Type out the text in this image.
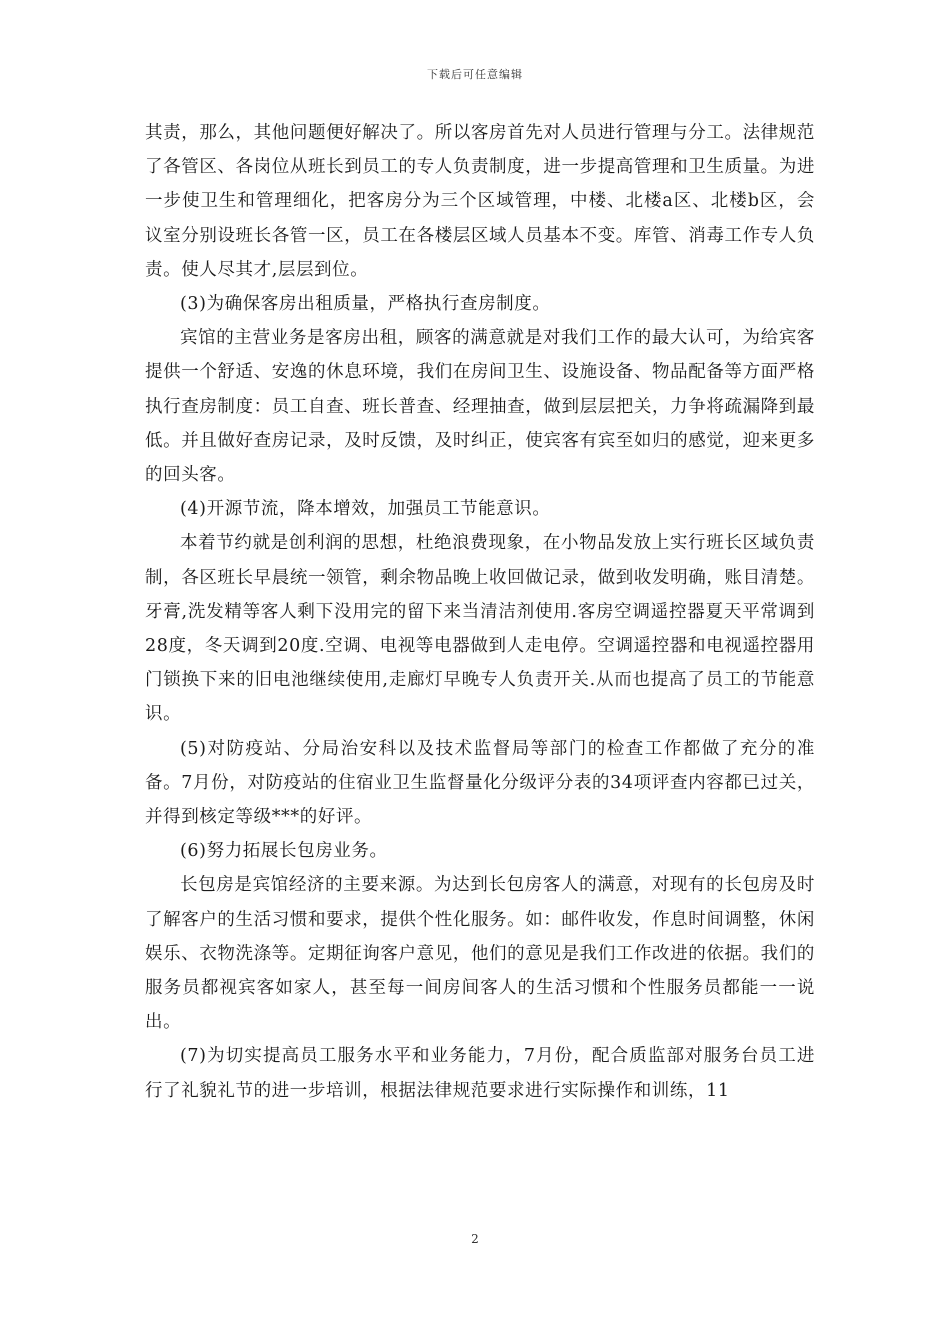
下载后可任意编辑

其责，那么，其他问题便好解决了。所以客房首先对人员进行管理与分工。法律规范了各管区、各岗位从班长到员工的专人负责制度，进一步提高管理和卫生质量。为进一步使卫生和管理细化，把客房分为三个区域管理，中楼、北楼a区、北楼b区，会议室分别设班长各管一区，员工在各楼层区域人员基本不变。库管、消毒工作专人负责。使人尽其才,层层到位。

(3)为确保客房出租质量，严格执行查房制度。

宾馆的主营业务是客房出租，顾客的满意就是对我们工作的最大认可，为给宾客提供一个舒适、安逸的休息环境，我们在房间卫生、设施设备、物品配备等方面严格执行查房制度：员工自查、班长普查、经理抽查，做到层层把关，力争将疏漏降到最低。并且做好查房记录，及时反馈，及时纠正，使宾客有宾至如归的感觉，迎来更多的回头客。

(4)开源节流，降本增效，加强员工节能意识。

本着节约就是创利润的思想，杜绝浪费现象，在小物品发放上实行班长区域负责制，各区班长早晨统一领管，剩余物品晚上收回做记录，做到收发明确，账目清楚。牙膏,洗发精等客人剩下没用完的留下来当清洁剂使用.客房空调遥控器夏天平常调到28度，冬天调到20度.空调、电视等电器做到人走电停。空调遥控器和电视遥控器用门锁换下来的旧电池继续使用,走廊灯早晚专人负责开关.从而也提高了员工的节能意识。

(5)对防疫站、分局治安科以及技术监督局等部门的检查工作都做了充分的准备。7月份，对防疫站的住宿业卫生监督量化分级评分表的34项评查内容都已过关，并得到核定等级***的好评。

(6)努力拓展长包房业务。

长包房是宾馆经济的主要来源。为达到长包房客人的满意，对现有的长包房及时了解客户的生活习惯和要求，提供个性化服务。如：邮件收发，作息时间调整，休闲娱乐、衣物洗涤等。定期征询客户意见，他们的意见是我们工作改进的依据。我们的服务员都视宾客如家人，甚至每一间房间客人的生活习惯和个性服务员都能一一说出。

(7)为切实提高员工服务水平和业务能力，7月份，配合质监部对服务台员工进行了礼貌礼节的进一步培训，根据法律规范要求进行实际操作和训练，11

2
